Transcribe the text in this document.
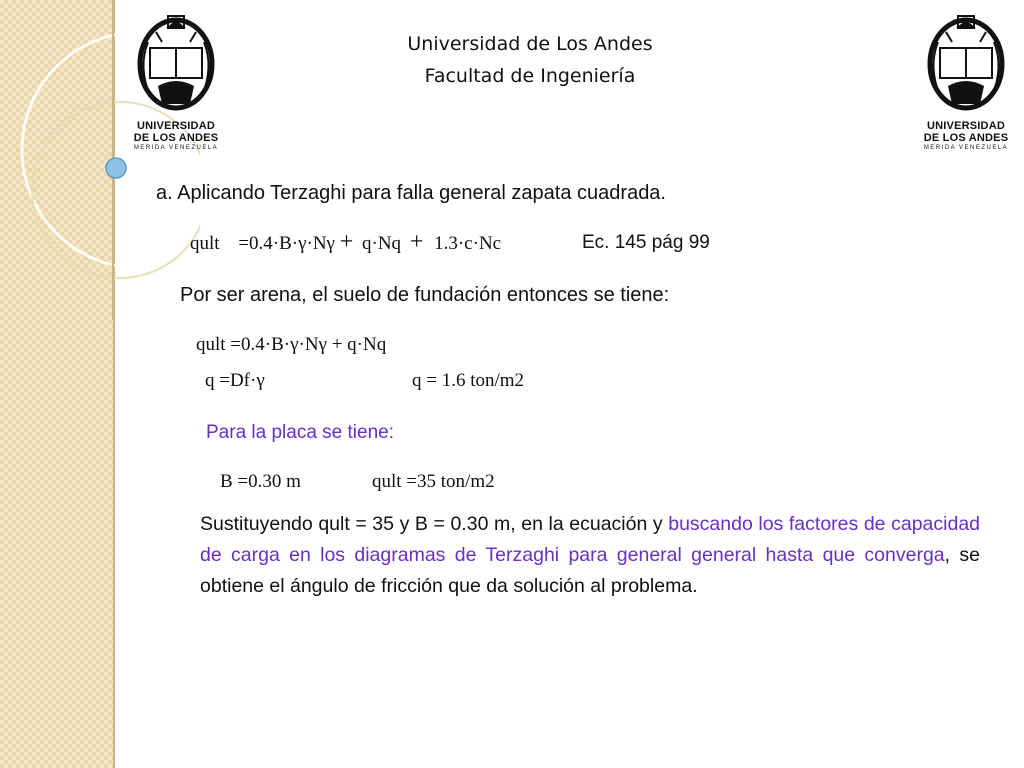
UNIVERSIDAD
DE LOS ANDES
MERIDA VENEZUELA
UNIVERSIDAD
DE LOS ANDES
MERIDA VENEZUELA
Universidad de Los Andes
Facultad de Ingeniería
a. Aplicando Terzaghi para falla general zapata cuadrada.
qult =0.4·B·γ·Nγ + q·Nq + 1.3·c·Nc	Ec. 145 pág 99
Por ser arena, el suelo de fundación entonces se tiene:
qult =0.4·B·γ·Nγ + q·Nq
q =Df·γ	q = 1.6 ton/m2
Para la placa se tiene:
B =0.30 m	qult =35 ton/m2
Sustituyendo qult = 35 y B = 0.30 m, en la ecuación y buscando los factores de capacidad de carga en los diagramas de Terzaghi para general general hasta que converga, se obtiene el ángulo de fricción que da solución al problema.
